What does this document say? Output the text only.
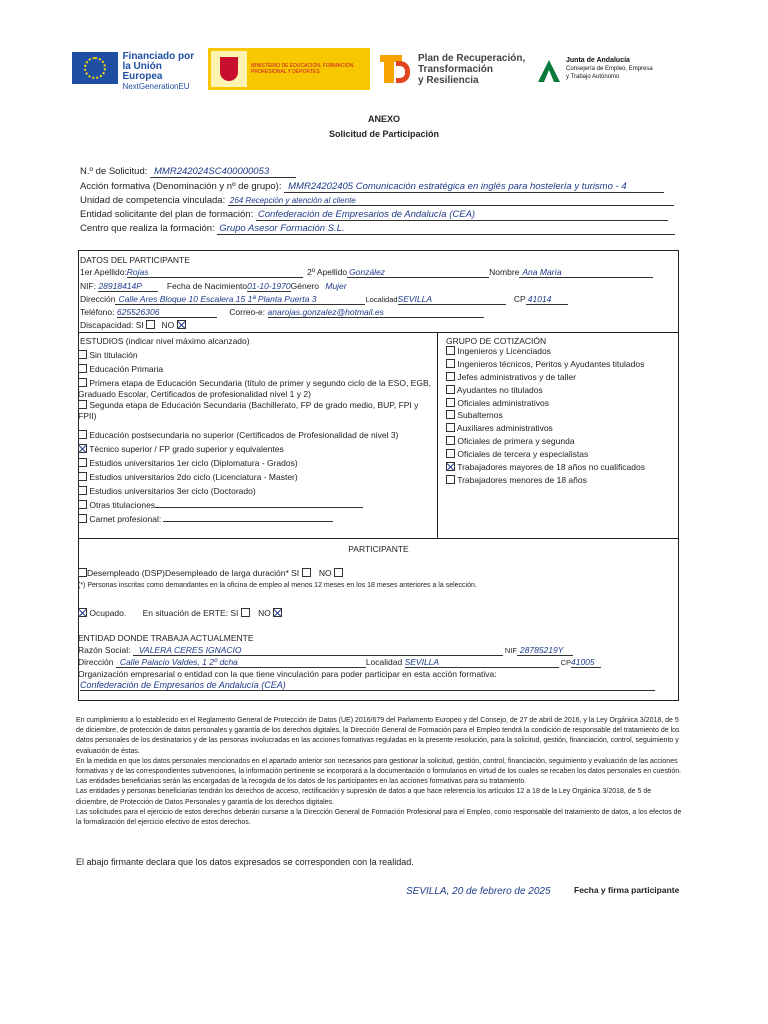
Financiado por
la Unión Europea
NextGenerationEU
MINISTERIO DE EDUCACIÓN, FORMACIÓN PROFESIONAL Y DEPORTES
Plan de Recuperación,
Transformación
y Resiliencia
Junta de Andalucía
Consejería de Empleo, Empresa
y Trabajo Autónomo
ANEXO
Solicitud de Participación
N.º de Solicitud: MMR242024SC400000053
Acción formativa (Denominación y nº de grupo): MMR24202405 Comunicación estratégica en inglés para hostelería y turismo - 4
Unidad de competencia vinculada: 264 Recepción y atención al cliente
Entidad solicitante del plan de formación: Confederación de Empresarios de Andalucía (CEA)
Centro que realiza la formación: Grupo Asesor Formación S.L.
DATOS DEL PARTICIPANTE
1er Apellido:Rojas	2º Apellido González	Nombre Ana María
NIF: 28918414P	Fecha de Nacimiento01-10-1970Género Mujer
Dirección Calle Ares Bloque 10 Escalera 15 1ª Planta Puerta 3	LocalidadSEVILLA	CP 41014
Teléfono: 625526306	Correo-e: anarojas.gonzalez@hotmail.es
Discapacidad: SI NO
ESTUDIOS (indicar nivel máximo alcanzado)
Sin titulación
Educación Primaria
Primera etapa de Educación Secundaria (título de primer y segundo ciclo de la ESO, EGB, Graduado Escolar, Certificados de profesionalidad nivel 1 y 2)
Segunda etapa de Educación Secundaria (Bachillerato, FP de grado medio, BUP, FPI y FPII)
Educación postsecundaria no superior (Certificados de Profesionalidad de nivel 3)
Técnico superior / FP grado superior y equivalentes
Estudios universitarios 1er ciclo (Diplomatura - Grados)
Estudios universitarios 2do ciclo (Licenciatura - Master)
Estudios universitarios 3er ciclo (Doctorado)
Otras titulaciones
Carnet profesional:
GRUPO DE COTIZACIÓN
Ingenieros y Licenciados
Ingenieros técnicos, Peritos y Ayudantes titulados
Jefes administrativos y de taller
Ayudantes no titulados
Oficiales administrativos
Subalternos
Auxiliares administrativos
Oficiales de primera y segunda
Oficiales de tercera y especialistas
Trabajadores mayores de 18 años no cualificados
Trabajadores menores de 18 años
PARTICIPANTE
Desempleado (DSP)Desempleado de larga duración* SI NO
(*) Personas inscritas como demandantes en la oficina de empleo al menos 12 meses en los 18 meses anteriores a la selección.
Ocupado. En situación de ERTE: SI NO
ENTIDAD DONDE TRABAJA ACTUALMENTE
Razón Social: VALERA CERES IGNACIO	NIF 28785219Y
Dirección Calle Palacio Valdes, 1 2º dcha	Localidad SEVILLA	CP41005
Organización empresarial o entidad con la que tiene vinculación para poder participar en esta acción formativa:
Confederación de Empresarios de Andalucía (CEA)

En cumplimiento a lo establecido en el Reglamento General de Protección de Datos (UE) 2016/679 del Parlamento Europeo y del Consejo, de 27 de abril de 2016, y la Ley Orgánica 3/2018, de 5 de diciembre, de protección de datos personales y garantía de los derechos digitales, la Dirección General de Formación para el Empleo tendrá la condición de responsable del tratamiento de los datos personales de los destinatarios y de las personas involucradas en las acciones formativas reguladas en la presente resolución, para la solicitud, gestión, financiación, control, seguimiento y evaluación de éstas.

En la medida en que los datos personales mencionados en el apartado anterior son necesarios para gestionar la solicitud, gestión, control, financiación, seguimiento y evaluación de las acciones formativas y de las correspondientes subvenciones, la información pertinente se incorporará a la documentación o formularios en virtud de los cuales se recaben los datos personales en cuestión.

Las entidades beneficiarias serán las encargadas de la recogida de los datos de los participantes en las acciones formativas para su tratamiento.

Las entidades y personas beneficiarias tendrán los derechos de acceso, rectificación y supresión de datos a que hace referencia los artículos 12 a 18 de la Ley Orgánica 3/2018, de 5 de diciembre, de Protección de Datos Personales y garantía de los derechos digitales.

Las solicitudes para el ejercicio de estos derechos deberán cursarse a la Dirección General de Formación Profesional para el Empleo, como responsable del tratamiento de datos, a los efectos de la formalización del ejercicio efectivo de estos derechos.

El abajo firmante declara que los datos expresados se corresponden con la realidad.
SEVILLA, 20 de febrero de 2025	Fecha y firma participante
